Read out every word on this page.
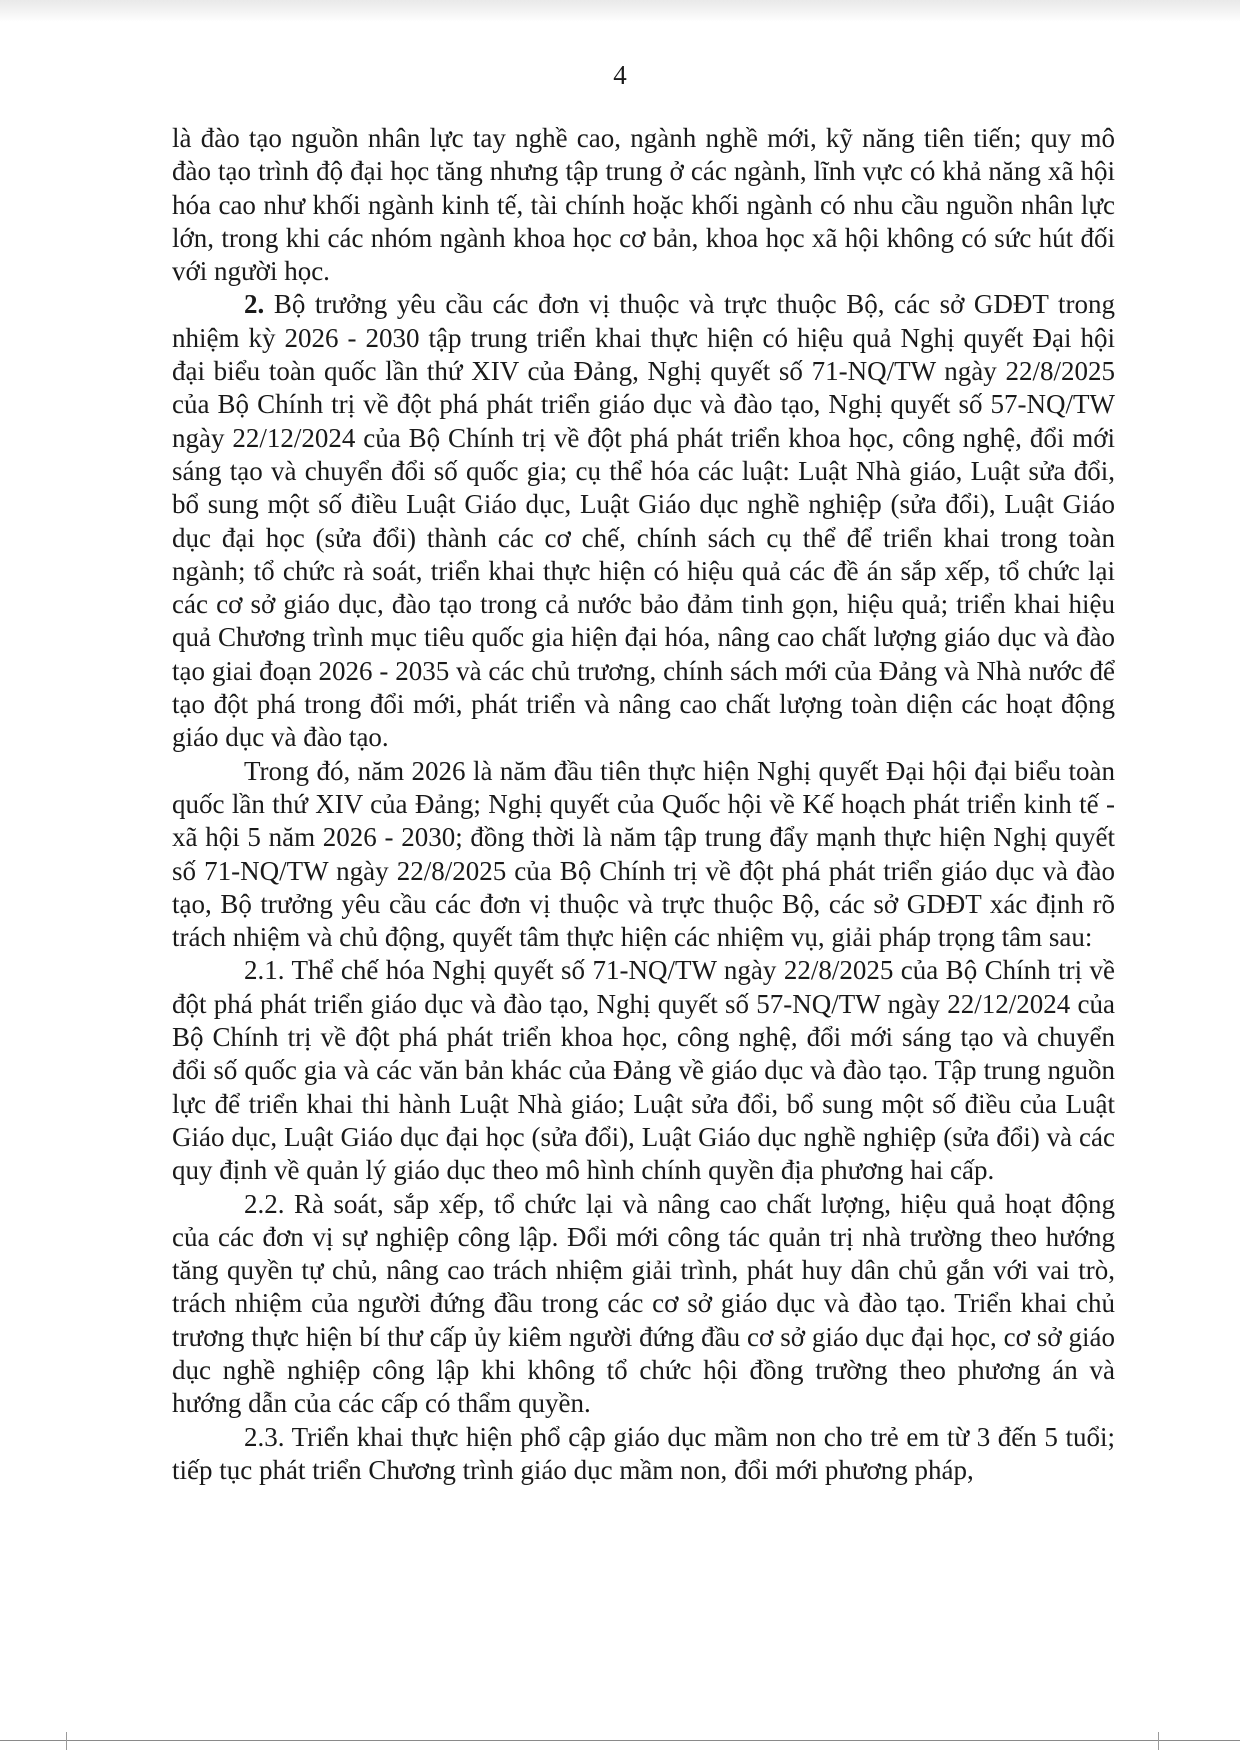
4

là đào tạo nguồn nhân lực tay nghề cao, ngành nghề mới, kỹ năng tiên tiến; quy mô đào tạo trình độ đại học tăng nhưng tập trung ở các ngành, lĩnh vực có khả năng xã hội hóa cao như khối ngành kinh tế, tài chính hoặc khối ngành có nhu cầu nguồn nhân lực lớn, trong khi các nhóm ngành khoa học cơ bản, khoa học xã hội không có sức hút đối với người học.

2. Bộ trưởng yêu cầu các đơn vị thuộc và trực thuộc Bộ, các sở GDĐT trong nhiệm kỳ 2026 - 2030 tập trung triển khai thực hiện có hiệu quả Nghị quyết Đại hội đại biểu toàn quốc lần thứ XIV của Đảng, Nghị quyết số 71-NQ/TW ngày 22/8/2025 của Bộ Chính trị về đột phá phát triển giáo dục và đào tạo, Nghị quyết số 57-NQ/TW ngày 22/12/2024 của Bộ Chính trị về đột phá phát triển khoa học, công nghệ, đổi mới sáng tạo và chuyển đổi số quốc gia; cụ thể hóa các luật: Luật Nhà giáo, Luật sửa đổi, bổ sung một số điều Luật Giáo dục, Luật Giáo dục nghề nghiệp (sửa đổi), Luật Giáo dục đại học (sửa đổi) thành các cơ chế, chính sách cụ thể để triển khai trong toàn ngành; tổ chức rà soát, triển khai thực hiện có hiệu quả các đề án sắp xếp, tổ chức lại các cơ sở giáo dục, đào tạo trong cả nước bảo đảm tinh gọn, hiệu quả; triển khai hiệu quả Chương trình mục tiêu quốc gia hiện đại hóa, nâng cao chất lượng giáo dục và đào tạo giai đoạn 2026 - 2035 và các chủ trương, chính sách mới của Đảng và Nhà nước để tạo đột phá trong đổi mới, phát triển và nâng cao chất lượng toàn diện các hoạt động giáo dục và đào tạo.

Trong đó, năm 2026 là năm đầu tiên thực hiện Nghị quyết Đại hội đại biểu toàn quốc lần thứ XIV của Đảng; Nghị quyết của Quốc hội về Kế hoạch phát triển kinh tế - xã hội 5 năm 2026 - 2030; đồng thời là năm tập trung đẩy mạnh thực hiện Nghị quyết số 71-NQ/TW ngày 22/8/2025 của Bộ Chính trị về đột phá phát triển giáo dục và đào tạo, Bộ trưởng yêu cầu các đơn vị thuộc và trực thuộc Bộ, các sở GDĐT xác định rõ trách nhiệm và chủ động, quyết tâm thực hiện các nhiệm vụ, giải pháp trọng tâm sau:

2.1. Thể chế hóa Nghị quyết số 71-NQ/TW ngày 22/8/2025 của Bộ Chính trị về đột phá phát triển giáo dục và đào tạo, Nghị quyết số 57-NQ/TW ngày 22/12/2024 của Bộ Chính trị về đột phá phát triển khoa học, công nghệ, đổi mới sáng tạo và chuyển đổi số quốc gia và các văn bản khác của Đảng về giáo dục và đào tạo. Tập trung nguồn lực để triển khai thi hành Luật Nhà giáo; Luật sửa đổi, bổ sung một số điều của Luật Giáo dục, Luật Giáo dục đại học (sửa đổi), Luật Giáo dục nghề nghiệp (sửa đổi) và các quy định về quản lý giáo dục theo mô hình chính quyền địa phương hai cấp.

2.2. Rà soát, sắp xếp, tổ chức lại và nâng cao chất lượng, hiệu quả hoạt động của các đơn vị sự nghiệp công lập. Đổi mới công tác quản trị nhà trường theo hướng tăng quyền tự chủ, nâng cao trách nhiệm giải trình, phát huy dân chủ gắn với vai trò, trách nhiệm của người đứng đầu trong các cơ sở giáo dục và đào tạo. Triển khai chủ trương thực hiện bí thư cấp ủy kiêm người đứng đầu cơ sở giáo dục đại học, cơ sở giáo dục nghề nghiệp công lập khi không tổ chức hội đồng trường theo phương án và hướng dẫn của các cấp có thẩm quyền.

2.3. Triển khai thực hiện phổ cập giáo dục mầm non cho trẻ em từ 3 đến 5 tuổi; tiếp tục phát triển Chương trình giáo dục mầm non, đổi mới phương pháp,
